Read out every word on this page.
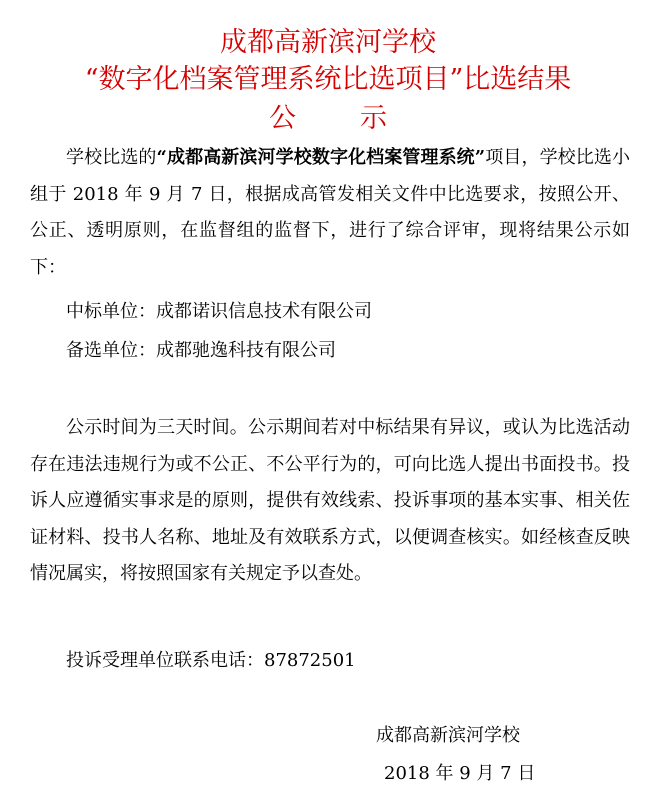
成都高新滨河学校
“数字化档案管理系统比选项目”比选结果
公示
学校比选的“成都高新滨河学校数字化档案管理系统”项目，学校比选小组于 2018 年 9 月 7 日，根据成高管发相关文件中比选要求，按照公开、公正、透明原则，在监督组的监督下，进行了综合评审，现将结果公示如下：
中标单位：成都诺识信息技术有限公司
备选单位：成都驰逸科技有限公司
公示时间为三天时间。公示期间若对中标结果有异议，或认为比选活动存在违法违规行为或不公正、不公平行为的，可向比选人提出书面投书。投诉人应遵循实事求是的原则，提供有效线索、投诉事项的基本实事、相关佐证材料、投书人名称、地址及有效联系方式，以便调查核实。如经核查反映情况属实，将按照国家有关规定予以查处。
投诉受理单位联系电话：87872501
成都高新滨河学校
2018 年 9 月 7 日
